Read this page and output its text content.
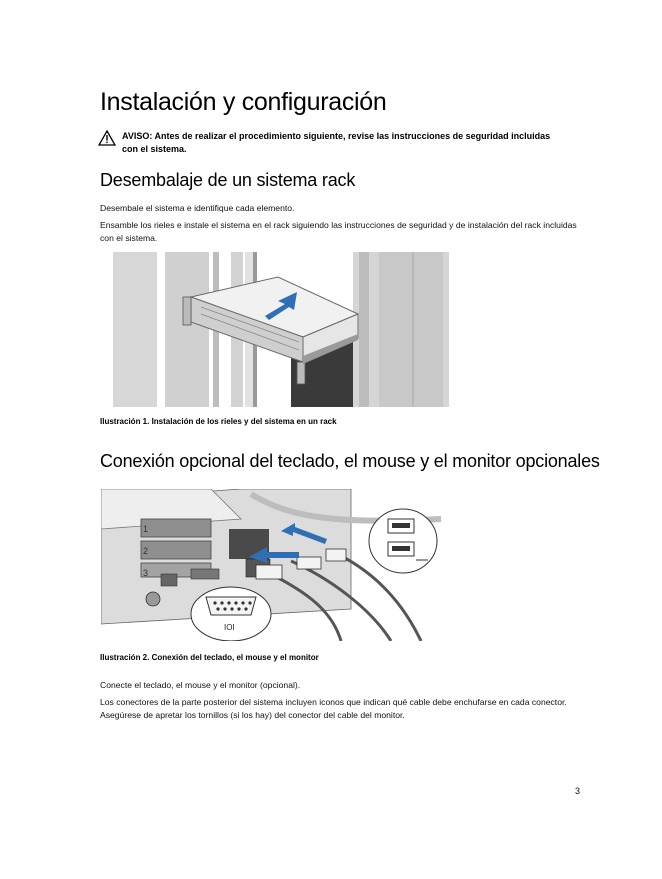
Instalación y configuración
AVISO: Antes de realizar el procedimiento siguiente, revise las instrucciones de seguridad incluidas con el sistema.
Desembalaje de un sistema rack

Desembale el sistema e identifique cada elemento.

Ensamble los rieles e instale el sistema en el rack siguiendo las instrucciones de seguridad y de instalación del rack incluidas con el sistema.

Ilustración 1. Instalación de los rieles y del sistema en un rack

Conexión opcional del teclado, el mouse y el monitor opcionales
1
2
3
IOI

Ilustración 2. Conexión del teclado, el mouse y el monitor

Conecte el teclado, el mouse y el monitor (opcional).

Los conectores de la parte posterior del sistema incluyen iconos que indican qué cable debe enchufarse en cada conector. Asegúrese de apretar los tornillos (si los hay) del conector del cable del monitor.

3
